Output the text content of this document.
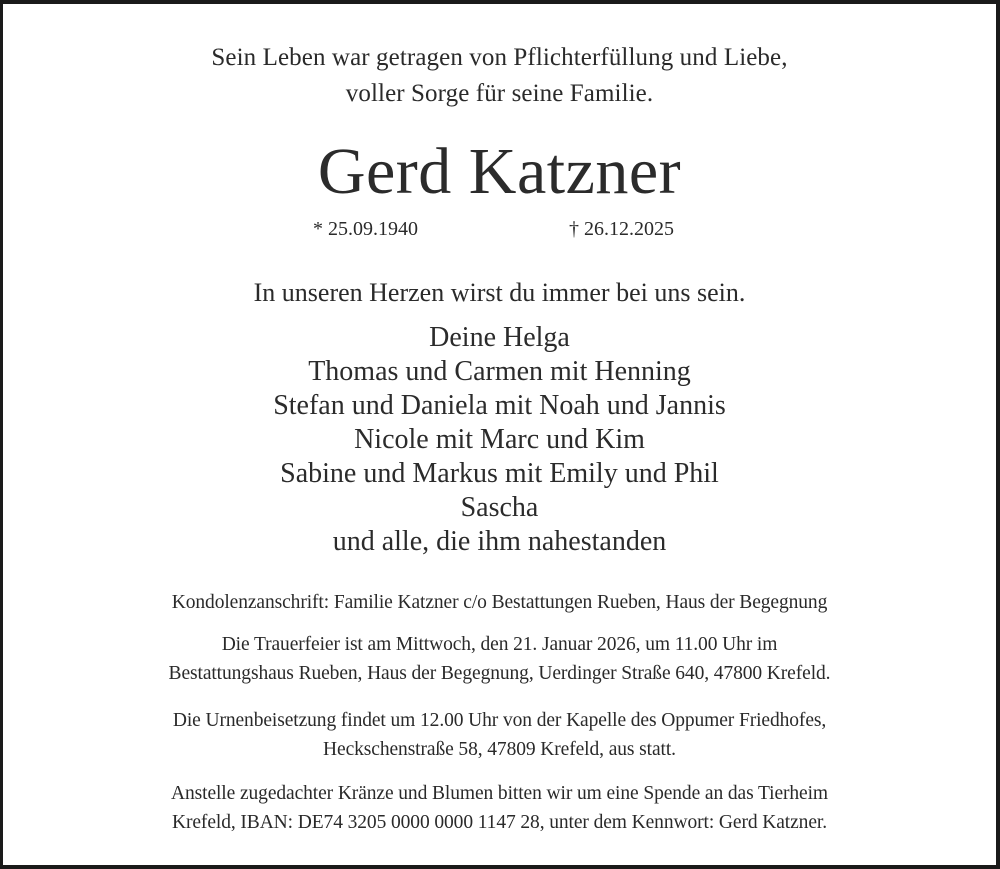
Sein Leben war getragen von Pflichterfüllung und Liebe,
voller Sorge für seine Familie.
Gerd Katzner
* 25.09.1940	† 26.12.2025
In unseren Herzen wirst du immer bei uns sein.
Deine Helga
Thomas und Carmen mit Henning
Stefan und Daniela mit Noah und Jannis
Nicole mit Marc und Kim
Sabine und Markus mit Emily und Phil
Sascha
und alle, die ihm nahestanden
Kondolenzanschrift: Familie Katzner c/o Bestattungen Rueben, Haus der Begegnung
Die Trauerfeier ist am Mittwoch, den 21. Januar 2026, um 11.00 Uhr im
Bestattungshaus Rueben, Haus der Begegnung, Uerdinger Straße 640, 47800 Krefeld.
Die Urnenbeisetzung findet um 12.00 Uhr von der Kapelle des Oppumer Friedhofes,
Heckschenstraße 58, 47809 Krefeld, aus statt.
Anstelle zugedachter Kränze und Blumen bitten wir um eine Spende an das Tierheim
Krefeld, IBAN: DE74 3205 0000 0000 1147 28, unter dem Kennwort: Gerd Katzner.
